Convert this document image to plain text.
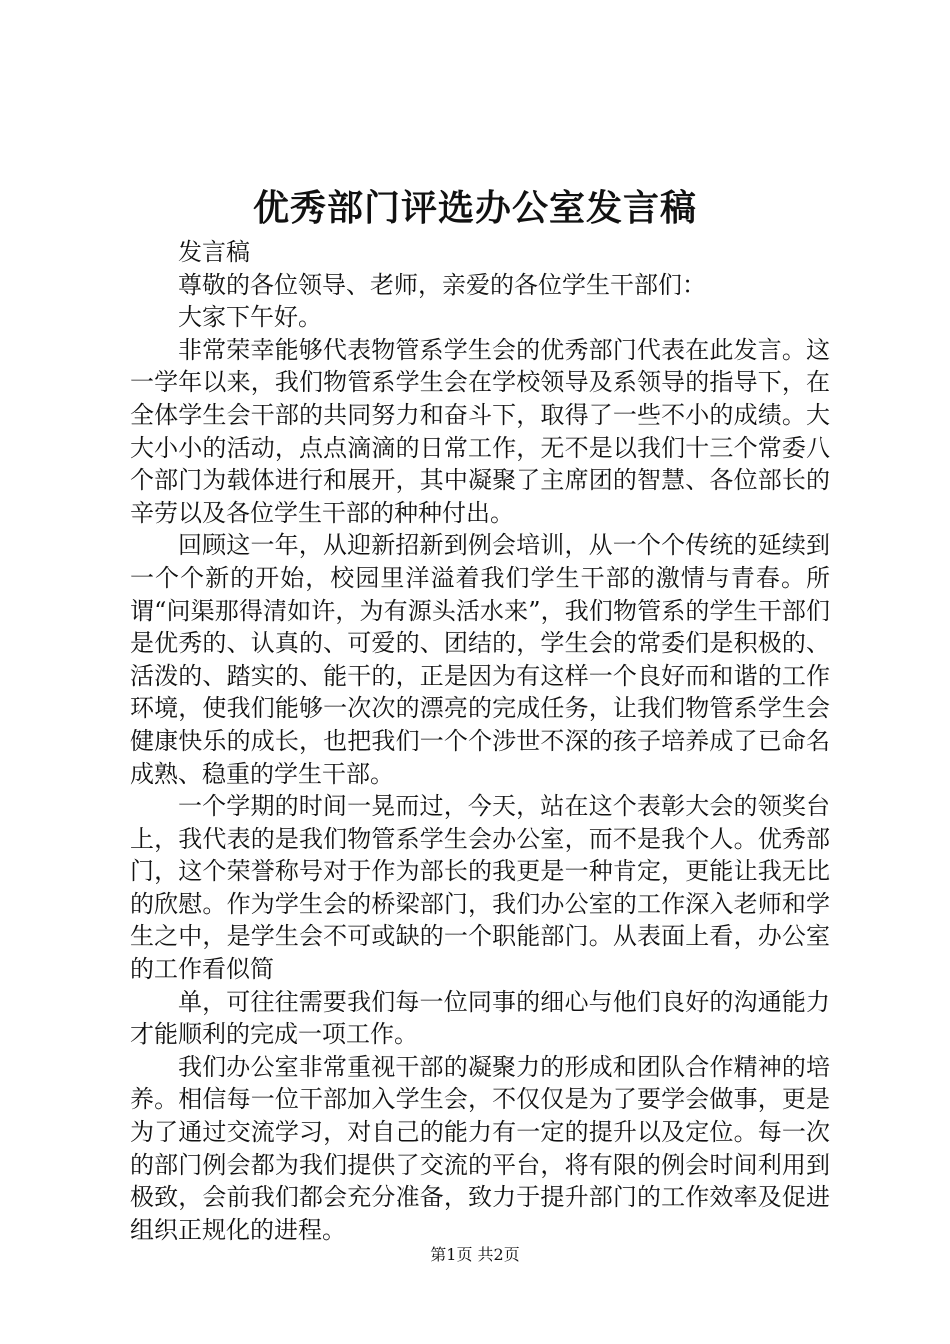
优秀部门评选办公室发言稿

发言稿

尊敬的各位领导、老师，亲爱的各位学生干部们：

大家下午好。

非常荣幸能够代表物管系学生会的优秀部门代表在此发言。这一学年以来，我们物管系学生会在学校领导及系领导的指导下，在全体学生会干部的共同努力和奋斗下，取得了一些不小的成绩。大大小小的活动，点点滴滴的日常工作，无不是以我们十三个常委八个部门为载体进行和展开，其中凝聚了主席团的智慧、各位部长的辛劳以及各位学生干部的种种付出。

回顾这一年，从迎新招新到例会培训，从一个个传统的延续到一个个新的开始，校园里洋溢着我们学生干部的激情与青春。所谓“问渠那得清如许，为有源头活水来”，我们物管系的学生干部们是优秀的、认真的、可爱的、团结的，学生会的常委们是积极的、活泼的、踏实的、能干的，正是因为有这样一个良好而和谐的工作环境，使我们能够一次次的漂亮的完成任务，让我们物管系学生会健康快乐的成长，也把我们一个个涉世不深的孩子培养成了已命名成熟、稳重的学生干部。

一个学期的时间一晃而过，今天，站在这个表彰大会的领奖台上，我代表的是我们物管系学生会办公室，而不是我个人。优秀部门，这个荣誉称号对于作为部长的我更是一种肯定，更能让我无比的欣慰。作为学生会的桥梁部门，我们办公室的工作深入老师和学生之中，是学生会不可或缺的一个职能部门。从表面上看，办公室的工作看似简

单，可往往需要我们每一位同事的细心与他们良好的沟通能力才能顺利的完成一项工作。

我们办公室非常重视干部的凝聚力的形成和团队合作精神的培养。相信每一位干部加入学生会，不仅仅是为了要学会做事，更是为了通过交流学习，对自己的能力有一定的提升以及定位。每一次的部门例会都为我们提供了交流的平台，将有限的例会时间利用到极致，会前我们都会充分准备，致力于提升部门的工作效率及促进组织正规化的进程。

第1页 共2页
